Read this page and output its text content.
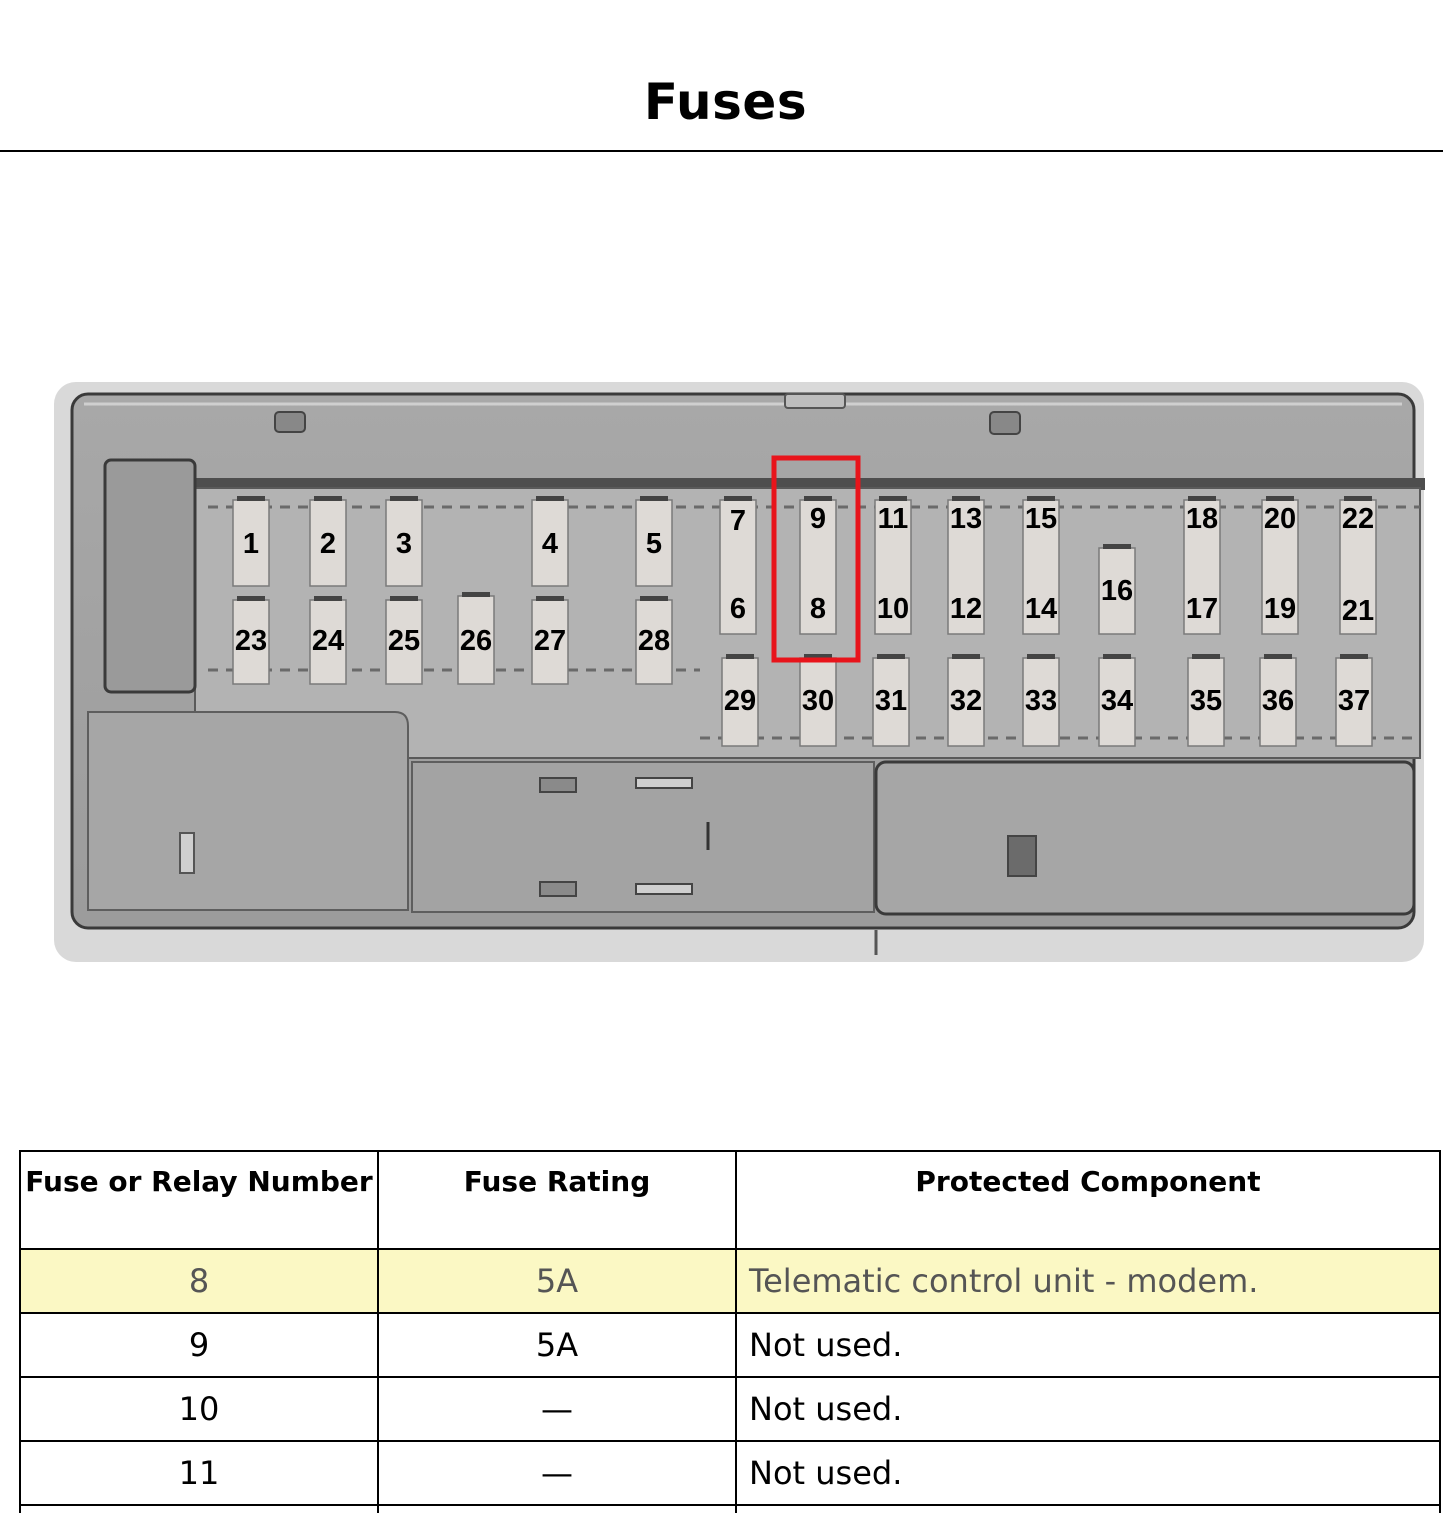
Fuses
1 2 3	4	5
23 24 25 26 27 28
7 9 11 13 15	18 20 22
16
29 30 31 32 33 34 35 36 37
6 8 10 12 14	17 19 21
Fuse or Relay Number	Fuse Rating	Protected Component
8	5A	Telematic control unit - modem.
9	5A	Not used.
10	—	Not used.
11	—	Not used.
